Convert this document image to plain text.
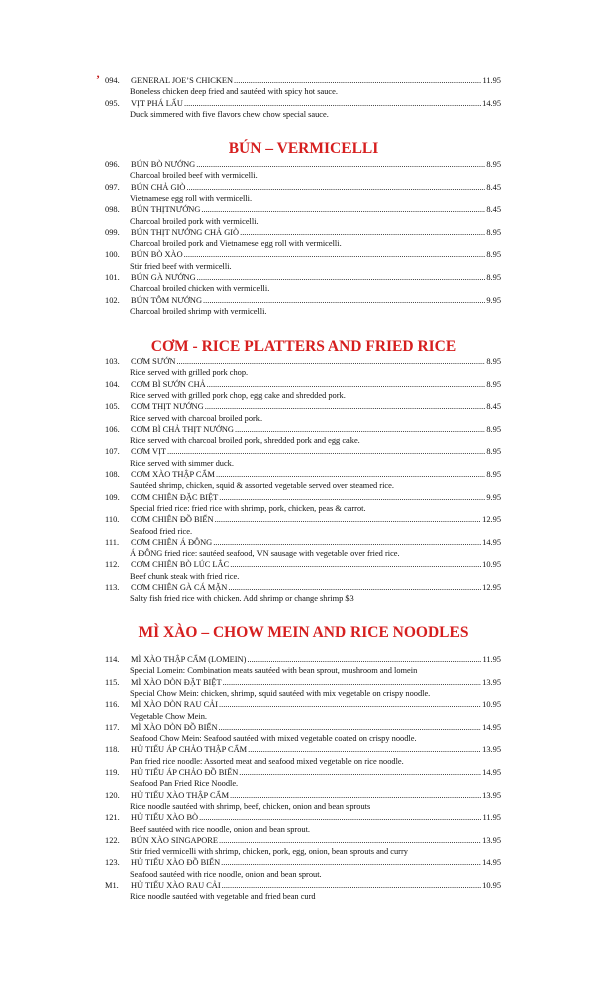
’ 094.	GENERAL JOE’S CHICKEN .....	11.95
Boneless chicken deep fried and sautéed with spicy hot sauce.
095.	VỊT PHÁ LẤU .....	14.95
Duck simmered with five flavors chew chow special sauce.
BÚN – VERMICELLI
096.	BÚN BÒ NƯỚNG .....	8.95
Charcoal broiled beef with vermicelli.
097.	BÚN CHẢ GIÒ .....	8.45
Vietnamese egg roll with vermicelli.
098.	BÚN THỊTNƯỚNG .....	8.45
Charcoal broiled pork with vermicelli.
099.	BÚN THỊT NƯỚNG CHẢ GIÒ .....	8.95
Charcoal broiled pork and Vietnamese egg roll with vermicelli.
100.	BÚN BÒ XÀO .....	8.95
Stir fried beef with vermicelli.
101.	BÚN GÀ NƯỚNG .....	8.95
Charcoal broiled chicken with vermicelli.
102.	BÚN TÔM NƯỚNG .....	9.95
Charcoal broiled shrimp with vermicelli.
CƠM - RICE PLATTERS AND FRIED RICE
103.	CƠM SƯỚN .....	8.95
Rice served with grilled pork chop.
104.	CƠM BÌ SƯỚN CHẢ .....	8.95
Rice served with grilled pork chop, egg cake and shredded pork.
105.	CƠM THỊT NƯỚNG .....	8.45
Rice served with charcoal broiled pork.
106.	CƠM BÌ CHẢ THỊT NƯỚNG .....	8.95
Rice served with charcoal broiled pork, shredded pork and egg cake.
107.	CƠM VỊT .....	8.95
Rice served with simmer duck.
108.	CƠM XÀO THẬP CẨM .....	8.95
Sautéed shrimp, chicken, squid & assorted vegetable served over steamed rice.
109.	CƠM CHIÊN ĐẶC BIỆT .....	9.95
Special fried rice: fried rice with shrimp, pork, chicken, peas & carrot.
110.	CƠM CHIÊN ĐỒ BIỂN .....	12.95
Seafood fried rice.
111.	CƠM CHIÊN Á ĐÔNG .....	14.95
Á ĐÔNG fried rice: sautéed seafood, VN sausage with vegetable over fried rice.
112.	CƠM CHIÊN BÒ LÚC LẮC .....	10.95
Beef chunk steak with fried rice.
113.	CƠM CHIÊN GÀ CÁ MẶN .....	12.95
Salty fish fried rice with chicken. Add shrimp or change shrimp $3
MÌ XÀO – CHOW MEIN AND RICE NOODLES
114.	MÌ XÀO THẬP CẨM (LOMEIN) .....	11.95
Special Lomein: Combination meats sautéed with bean sprout, mushroom and lomein
115.	MÌ XÀO DÒN ĐẶT BIỆT .....	13.95
Special Chow Mein: chicken, shrimp, squid sautéed with mix vegetable on crispy noodle.
116.	MÌ XÀO DÒN RAU CẢI .....	10.95
Vegetable Chow Mein.
117.	MÌ XÀO DÒN ĐỒ BIỂN .....	14.95
Seafood Chow Mein: Seafood sautéed with mixed vegetable coated on crispy noodle.
118.	HỦ TIẾU ÁP CHẢO THẬP CẨM .....	13.95
Pan fried rice noodle: Assorted meat and seafood mixed vegetable on rice noodle.
119.	HỦ TIẾU ÁP CHẢO ĐỒ BIỂN .....	14.95
Seafood Pan Fried Rice Noodle.
120.	HỦ TIẾU XÀO THẬP CẨM .....	13.95
Rice noodle sautéed with shrimp, beef, chicken, onion and bean sprouts
121.	HỦ TIẾU XÀO BÒ .....	11.95
Beef sautéed with rice noodle, onion and bean sprout.
122.	BÚN XÀO SINGAPORE .....	13.95
Stir fried vermicelli with shrimp, chicken, pork, egg, onion, bean sprouts and curry
123.	HỦ TIẾU XÀO ĐỒ BIỂN .....	14.95
Seafood sautéed with rice noodle, onion and bean sprout.
M1.	HỦ TIẾU XÀO RAU CẢI .....	10.95
Rice noodle sautéed with vegetable and fried bean curd
